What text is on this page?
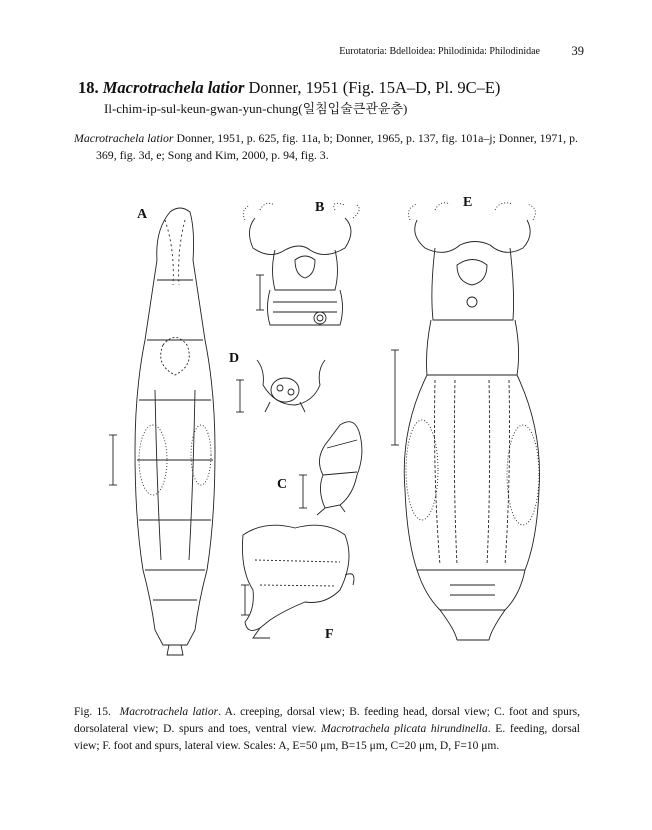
Eurotatoria: Bdelloidea: Philodinida: Philodinidae	39
18. Macrotrachela latior Donner, 1951 (Fig. 15A–D, Pl. 9C–E)
Il-chim-ip-sul-keun-gwan-yun-chung(일침입술큰관윤충)
Macrotrachela latior Donner, 1951, p. 625, fig. 11a, b; Donner, 1965, p. 137, fig. 101a–j; Donner, 1971, p. 369, fig. 3d, e; Song and Kim, 2000, p. 94, fig. 3.
A	B
C
D
E
F
Fig. 15. Macrotrachela latior. A. creeping, dorsal view; B. feeding head, dorsal view; C. foot and spurs, dorsolateral view; D. spurs and toes, ventral view. Macrotrachela plicata hirundinella. E. feeding, dorsal view; F. foot and spurs, lateral view. Scales: A, E=50 μm, B=15 μm, C=20 μm, D, F=10 μm.
